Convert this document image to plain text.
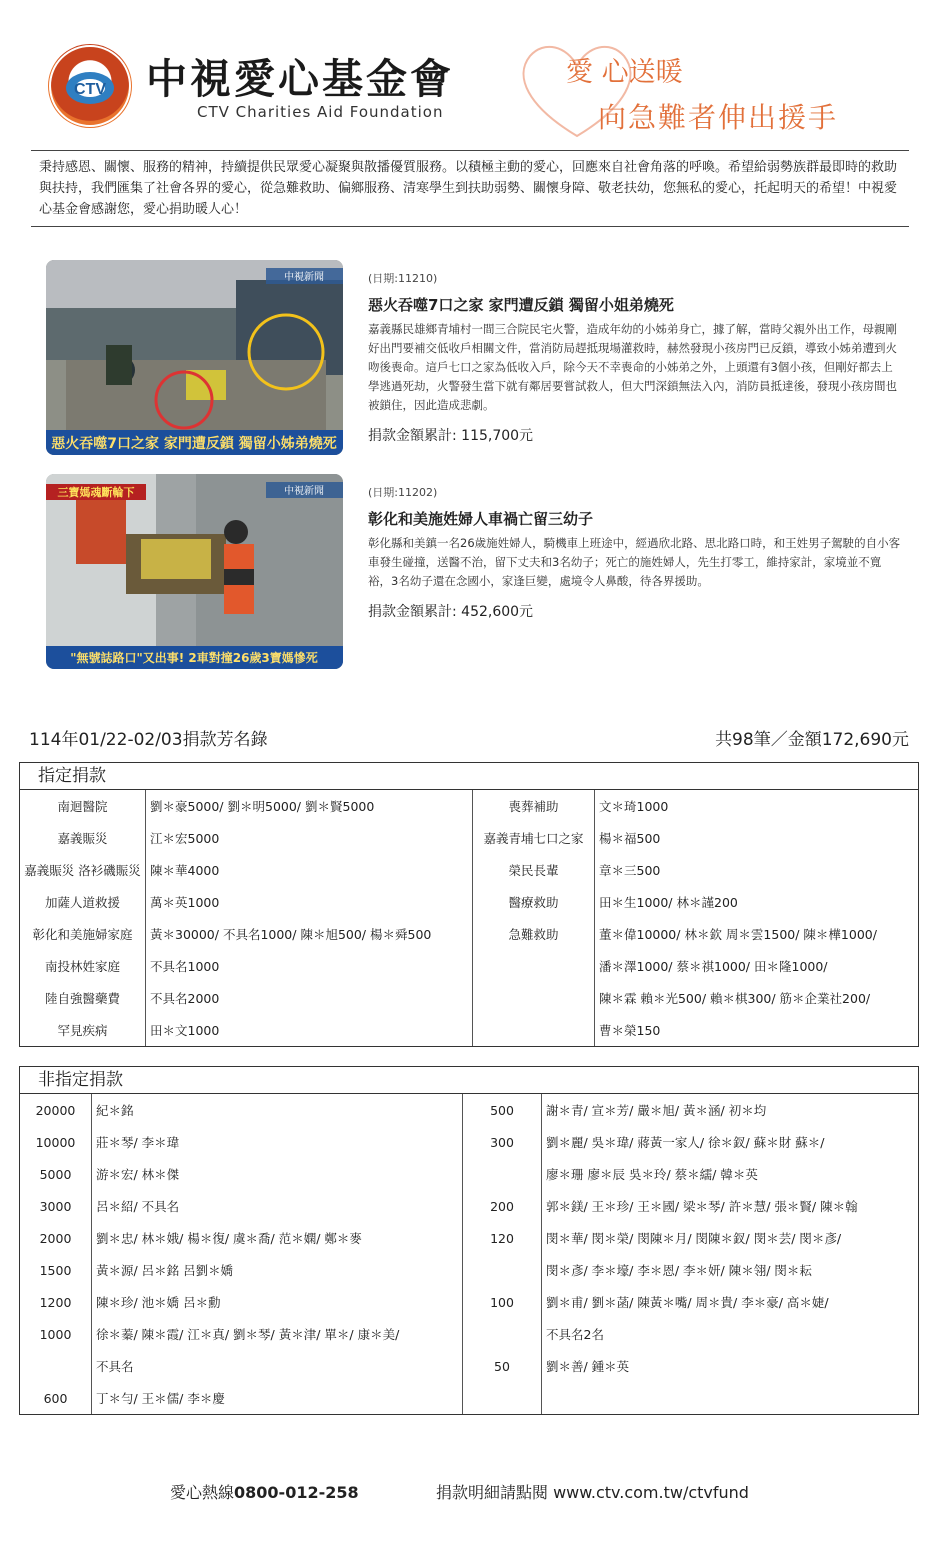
CTV 中視愛心基金會
CTV Charities Aid Foundation
愛 心送暖
向急難者伸出援手
秉持感恩、關懷、服務的精神，持續提供民眾愛心凝聚與散播優質服務。以積極主動的愛心，回應來自社會角落的呼喚。希望給弱勢族群最即時的救助與扶持，我們匯集了社會各界的愛心，從急難救助、偏鄉服務、清寒學生到扶助弱勢、關懷身障、敬老扶幼，您無私的愛心，托起明天的希望！中視愛心基金會感謝您，愛心捐助暖人心！
中視新聞
惡火吞噬7口之家 家門遭反鎖 獨留小姊弟燒死
(日期:11210)
惡火吞噬7口之家 家門遭反鎖 獨留小姐弟燒死
嘉義縣民雄鄉青埔村一間三合院民宅火警，造成年幼的小姊弟身亡，據了解，當時父親外出工作，母親剛好出門要補交低收戶相關文件，當消防局趕抵現場灌救時，赫然發現小孩房門已反鎖，導致小姊弟遭到火吻後喪命。這戶七口之家為低收入戶，除今天不幸喪命的小姊弟之外，上頭還有3個小孩，但剛好都去上學逃過死劫，火警發生當下就有鄰居要嘗試救人，但大門深鎖無法入內，消防員抵達後，發現小孩房間也被鎖住，因此造成悲劇。
捐款金額累計: 115,700元
三寶媽魂斷輪下	中視新聞
"無號誌路口"又出事! 2車對撞26歲3寶媽慘死
(日期:11202)
彰化和美施姓婦人車禍亡留三幼子
彰化縣和美鎮一名26歲施姓婦人，騎機車上班途中，經過欣北路、思北路口時，和王姓男子駕駛的自小客車發生碰撞，送醫不治，留下丈夫和3名幼子；死亡的施姓婦人，先生打零工，維持家計，家境並不寬裕，3名幼子還在念國小，家逢巨變，處境令人鼻酸，待各界援助。
捐款金額累計: 452,600元
114年01/22-02/03捐款芳名錄	共98筆／金額172,690元
指定捐款
南迴醫院	劉＊豪5000/ 劉＊明5000/ 劉＊賢5000	喪葬補助	文＊琦1000
嘉義賑災	江＊宏5000	嘉義青埔七口之家	楊＊福500
嘉義賑災 洛衫磯賑災	陳＊華4000	榮民長輩	章＊三500
加薩人道救援	萬＊英1000	醫療救助	田＊生1000/ 林＊謹200
彰化和美施婦家庭	黃＊30000/ 不具名1000/ 陳＊旭500/ 楊＊舜500	急難救助	董＊偉10000/ 林＊欽 周＊雲1500/ 陳＊樺1000/
南投林姓家庭	不具名1000		潘＊澤1000/ 蔡＊祺1000/ 田＊隆1000/
陸自強醫藥費	不具名2000		陳＊霖 賴＊光500/ 賴＊棋300/ 筋＊企業社200/
罕見疾病	田＊文1000		曹＊榮150
非指定捐款
20000	紀＊銘	500	謝＊青/ 宣＊芳/ 嚴＊旭/ 黃＊涵/ 初＊均
10000	莊＊琴/ 李＊瑋	300	劉＊麗/ 吳＊瑋/ 蔣黃一家人/ 徐＊釵/ 蘇＊財 蘇＊/
5000	游＊宏/ 林＊傑		廖＊珊 廖＊辰 吳＊玲/ 蔡＊繻/ 韓＊英
3000	呂＊紹/ 不具名	200	郭＊鎂/ 王＊珍/ 王＊國/ 梁＊琴/ 許＊慧/ 張＊賢/ 陳＊翰
2000	劉＊忠/ 林＊娥/ 楊＊復/ 虞＊喬/ 范＊嫻/ 鄭＊麥	120	閔＊華/ 閔＊榮/ 閔陳＊月/ 閔陳＊釵/ 閔＊芸/ 閔＊彥/
1500	黃＊源/ 呂＊銘 呂劉＊嬌		閔＊彥/ 李＊壕/ 李＊恩/ 李＊妍/ 陳＊翎/ 閔＊耘
1200	陳＊珍/ 池＊嬌 呂＊勳	100	劉＊甫/ 劉＊菡/ 陳黃＊嘴/ 周＊貴/ 李＊豪/ 高＊婕/
1000	徐＊蓁/ 陳＊霞/ 江＊真/ 劉＊琴/ 黃＊津/ 單＊/ 康＊美/		不具名2名
	不具名	50	劉＊善/ 鍾＊英
600	丁＊勻/ 王＊儒/ 李＊慶		
愛心熱線0800-012-258	捐款明細請點閱 www.ctv.com.tw/ctvfund
